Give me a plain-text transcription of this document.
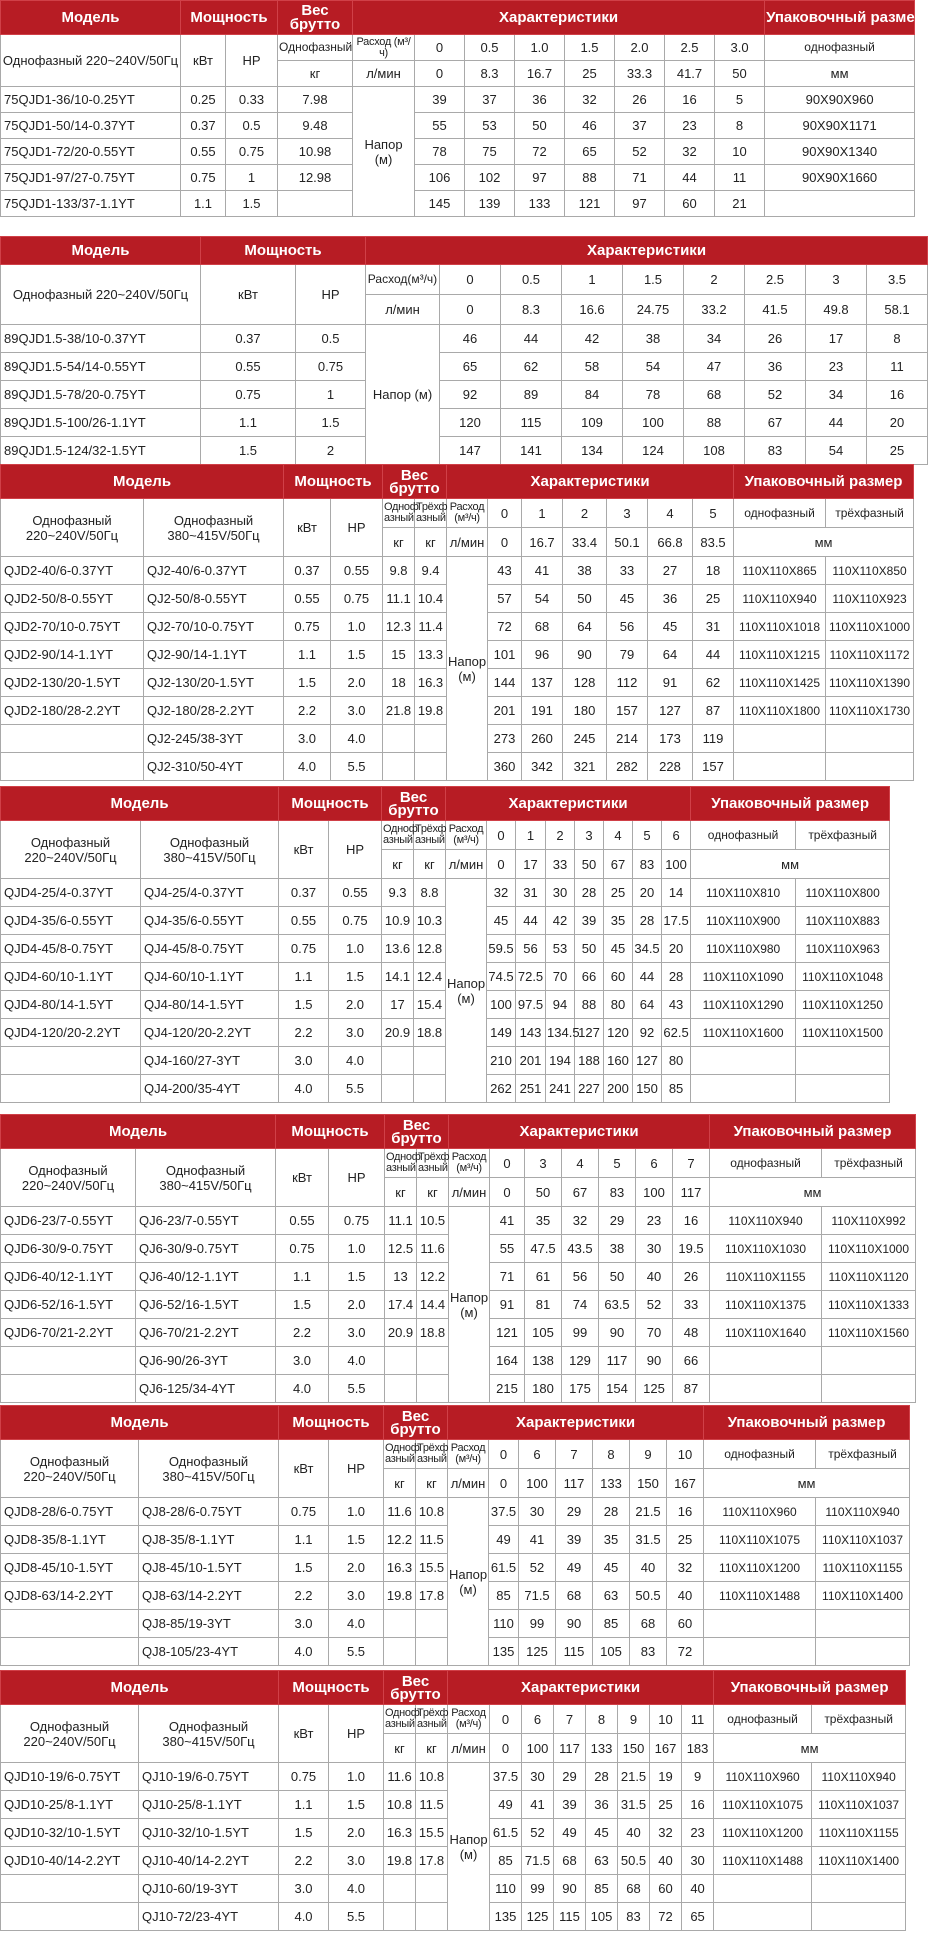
Модель	Мощность		Вес брутто	Характеристики								Упаковочный размер
Однофазный 220~240V/50Гц	кВт	HP	Однофазный	Расход (м³/ч)	0	0.5	1.0	1.5	2.0	2.5	3.0	однофазный
			кг	л/мин	0	8.3	16.7	25	33.3	41.7	50	мм
75QJD1-36/10-0.25YT	0.25	0.33	7.98	Напор (м)	39	37	36	32	26	16	5	90X90X960
75QJD1-50/14-0.37YT	0.37	0.5	9.48		55	53	50	46	37	23	8	90X90X1171
75QJD1-72/20-0.55YT	0.55	0.75	10.98		78	75	72	65	52	32	10	90X90X1340
75QJD1-97/27-0.75YT	0.75	1	12.98		106	102	97	88	71	44	11	90X90X1660
75QJD1-133/37-1.1YT	1.1	1.5			145	139	133	121	97	60	21	
Модель	Мощность		Характеристики								
Однофазный 220~240V/50Гц	кВт	HP	Расход(м³/ч)	0	0.5	1	1.5	2	2.5	3	3.5
			л/мин	0	8.3	16.6	24.75	33.2	41.5	49.8	58.1
89QJD1.5-38/10-0.37YT	0.37	0.5	Напор (м)	46	44	42	38	34	26	17	8
89QJD1.5-54/14-0.55YT	0.55	0.75		65	62	58	54	47	36	23	11
89QJD1.5-78/20-0.75YT	0.75	1		92	89	84	78	68	52	34	16
89QJD1.5-100/26-1.1YT	1.1	1.5		120	115	109	100	88	67	44	20
89QJD1.5-124/32-1.5YT	1.5	2		147	141	134	124	108	83	54	25
Модель		Мощность		Вес брутто		Характеристики							Упаковочный размер	
Однофазный 220~240V/50Гц	Однофазный 380~415V/50Гц	кВт	HP	Одноф азный	Трёхф азный	Расход (м³/ч)	0	1	2	3	4	5	однофазный	трёхфазный
				кг	кг	л/мин	0	16.7	33.4	50.1	66.8	83.5	мм	
QJD2-40/6-0.37YT	QJ2-40/6-0.37YT	0.37	0.55	9.8	9.4	Напор (м)	43	41	38	33	27	18	110X110X865	110X110X850
QJD2-50/8-0.55YT	QJ2-50/8-0.55YT	0.55	0.75	11.1	10.4		57	54	50	45	36	25	110X110X940	110X110X923
QJD2-70/10-0.75YT	QJ2-70/10-0.75YT	0.75	1.0	12.3	11.4		72	68	64	56	45	31	110X110X1018	110X110X1000
QJD2-90/14-1.1YT	QJ2-90/14-1.1YT	1.1	1.5	15	13.3		101	96	90	79	64	44	110X110X1215	110X110X1172
QJD2-130/20-1.5YT	QJ2-130/20-1.5YT	1.5	2.0	18	16.3		144	137	128	112	91	62	110X110X1425	110X110X1390
QJD2-180/28-2.2YT	QJ2-180/28-2.2YT	2.2	3.0	21.8	19.8		201	191	180	157	127	87	110X110X1800	110X110X1730
	QJ2-245/38-3YT	3.0	4.0				273	260	245	214	173	119		
	QJ2-310/50-4YT	4.0	5.5				360	342	321	282	228	157		
Модель		Мощность		Вес брутто		Характеристики								Упаковочный размер	
Однофазный 220~240V/50Гц	Однофазный 380~415V/50Гц	кВт	HP	Одноф азный	Трёхф азный	Расход (м³/ч)	0	1	2	3	4	5	6	однофазный	трёхфазный
				кг	кг	л/мин	0	17	33	50	67	83	100	мм	
QJD4-25/4-0.37YT	QJ4-25/4-0.37YT	0.37	0.55	9.3	8.8	Напор (м)	32	31	30	28	25	20	14	110X110X810	110X110X800
QJD4-35/6-0.55YT	QJ4-35/6-0.55YT	0.55	0.75	10.9	10.3		45	44	42	39	35	28	17.5	110X110X900	110X110X883
QJD4-45/8-0.75YT	QJ4-45/8-0.75YT	0.75	1.0	13.6	12.8		59.5	56	53	50	45	34.5	20	110X110X980	110X110X963
QJD4-60/10-1.1YT	QJ4-60/10-1.1YT	1.1	1.5	14.1	12.4		74.5	72.5	70	66	60	44	28	110X110X1090	110X110X1048
QJD4-80/14-1.5YT	QJ4-80/14-1.5YT	1.5	2.0	17	15.4		100	97.5	94	88	80	64	43	110X110X1290	110X110X1250
QJD4-120/20-2.2YT	QJ4-120/20-2.2YT	2.2	3.0	20.9	18.8		149	143	134.5	127	120	92	62.5	110X110X1600	110X110X1500
	QJ4-160/27-3YT	3.0	4.0				210	201	194	188	160	127	80		
	QJ4-200/35-4YT	4.0	5.5				262	251	241	227	200	150	85		
Модель		Мощность		Вес брутто		Характеристики							Упаковочный размер	
Однофазный 220~240V/50Гц	Однофазный 380~415V/50Гц	кВт	HP	Одноф азный	Трёхф азный	Расход (м³/ч)	0	3	4	5	6	7	однофазный	трёхфазный
				кг	кг	л/мин	0	50	67	83	100	117	мм	
QJD6-23/7-0.55YT	QJ6-23/7-0.55YT	0.55	0.75	11.1	10.5	Напор (м)	41	35	32	29	23	16	110X110X940	110X110X992
QJD6-30/9-0.75YT	QJ6-30/9-0.75YT	0.75	1.0	12.5	11.6		55	47.5	43.5	38	30	19.5	110X110X1030	110X110X1000
QJD6-40/12-1.1YT	QJ6-40/12-1.1YT	1.1	1.5	13	12.2		71	61	56	50	40	26	110X110X1155	110X110X1120
QJD6-52/16-1.5YT	QJ6-52/16-1.5YT	1.5	2.0	17.4	14.4		91	81	74	63.5	52	33	110X110X1375	110X110X1333
QJD6-70/21-2.2YT	QJ6-70/21-2.2YT	2.2	3.0	20.9	18.8		121	105	99	90	70	48	110X110X1640	110X110X1560
	QJ6-90/26-3YT	3.0	4.0				164	138	129	117	90	66		
	QJ6-125/34-4YT	4.0	5.5				215	180	175	154	125	87		
Модель		Мощность		Вес брутто		Характеристики							Упаковочный размер	
Однофазный 220~240V/50Гц	Однофазный 380~415V/50Гц	кВт	HP	Одноф азный	Трёхф азный	Расход (м³/ч)	0	6	7	8	9	10	однофазный	трёхфазный
				кг	кг	л/мин	0	100	117	133	150	167	мм	
QJD8-28/6-0.75YT	QJ8-28/6-0.75YT	0.75	1.0	11.6	10.8	Напор (м)	37.5	30	29	28	21.5	16	110X110X960	110X110X940
QJD8-35/8-1.1YT	QJ8-35/8-1.1YT	1.1	1.5	12.2	11.5		49	41	39	35	31.5	25	110X110X1075	110X110X1037
QJD8-45/10-1.5YT	QJ8-45/10-1.5YT	1.5	2.0	16.3	15.5		61.5	52	49	45	40	32	110X110X1200	110X110X1155
QJD8-63/14-2.2YT	QJ8-63/14-2.2YT	2.2	3.0	19.8	17.8		85	71.5	68	63	50.5	40	110X110X1488	110X110X1400
	QJ8-85/19-3YT	3.0	4.0				110	99	90	85	68	60		
	QJ8-105/23-4YT	4.0	5.5				135	125	115	105	83	72		
Модель		Мощность		Вес брутто		Характеристики								Упаковочный размер	
Однофазный 220~240V/50Гц	Однофазный 380~415V/50Гц	кВт	HP	Одноф азный	Трёхф азный	Расход (м³/ч)	0	6	7	8	9	10	11	однофазный	трёхфазный
				кг	кг	л/мин	0	100	117	133	150	167	183	мм	
QJD10-19/6-0.75YT	QJ10-19/6-0.75YT	0.75	1.0	11.6	10.8	Напор (м)	37.5	30	29	28	21.5	19	9	110X110X960	110X110X940
QJD10-25/8-1.1YT	QJ10-25/8-1.1YT	1.1	1.5	10.8	11.5		49	41	39	36	31.5	25	16	110X110X1075	110X110X1037
QJD10-32/10-1.5YT	QJ10-32/10-1.5YT	1.5	2.0	16.3	15.5		61.5	52	49	45	40	32	23	110X110X1200	110X110X1155
QJD10-40/14-2.2YT	QJ10-40/14-2.2YT	2.2	3.0	19.8	17.8		85	71.5	68	63	50.5	40	30	110X110X1488	110X110X1400
	QJ10-60/19-3YT	3.0	4.0				110	99	90	85	68	60	40		
	QJ10-72/23-4YT	4.0	5.5				135	125	115	105	83	72	65		
